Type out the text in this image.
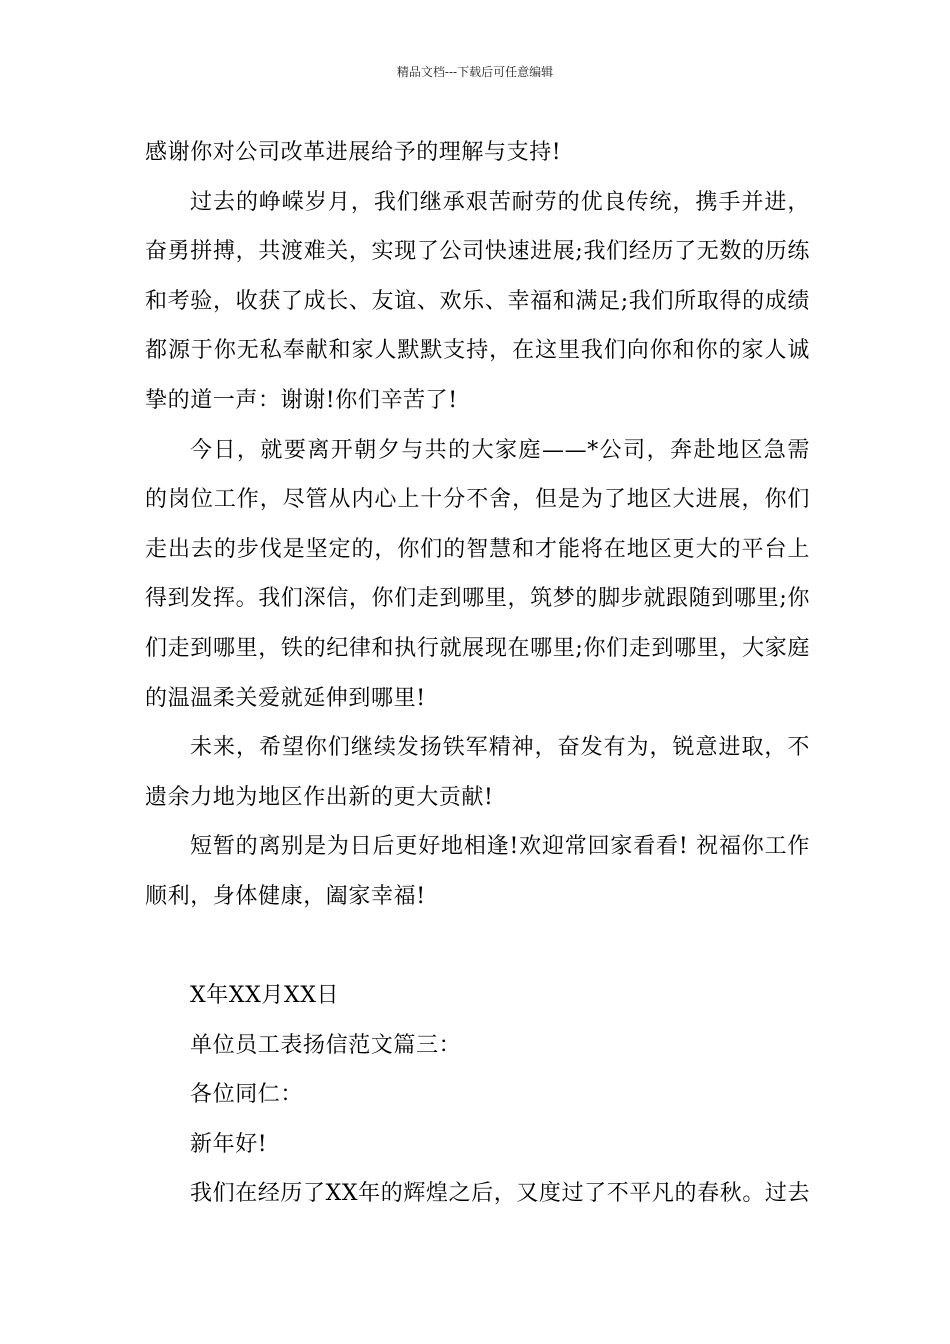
精品文档---下载后可任意编辑

感谢你对公司改革进展给予的理解与支持!

过去的峥嵘岁月，我们继承艰苦耐劳的优良传统，携手并进，奋勇拼搏，共渡难关，实现了公司快速进展;我们经历了无数的历练和考验，收获了成长、友谊、欢乐、幸福和满足;我们所取得的成绩都源于你无私奉献和家人默默支持，在这里我们向你和你的家人诚挚的道一声：谢谢!你们辛苦了!

今日，就要离开朝夕与共的大家庭——*公司，奔赴地区急需的岗位工作，尽管从内心上十分不舍，但是为了地区大进展，你们走出去的步伐是坚定的，你们的智慧和才能将在地区更大的平台上得到发挥。我们深信，你们走到哪里，筑梦的脚步就跟随到哪里;你们走到哪里，铁的纪律和执行就展现在哪里;你们走到哪里，大家庭的温温柔关爱就延伸到哪里!

未来，希望你们继续发扬铁军精神，奋发有为，锐意进取，不遗余力地为地区作出新的更大贡献!

短暂的离别是为日后更好地相逢!欢迎常回家看看! 祝福你工作顺利，身体健康，阖家幸福!

X年XX月XX日

单位员工表扬信范文篇三：

各位同仁：

新年好!

我们在经历了XX年的辉煌之后，又度过了不平凡的春秋。过去
